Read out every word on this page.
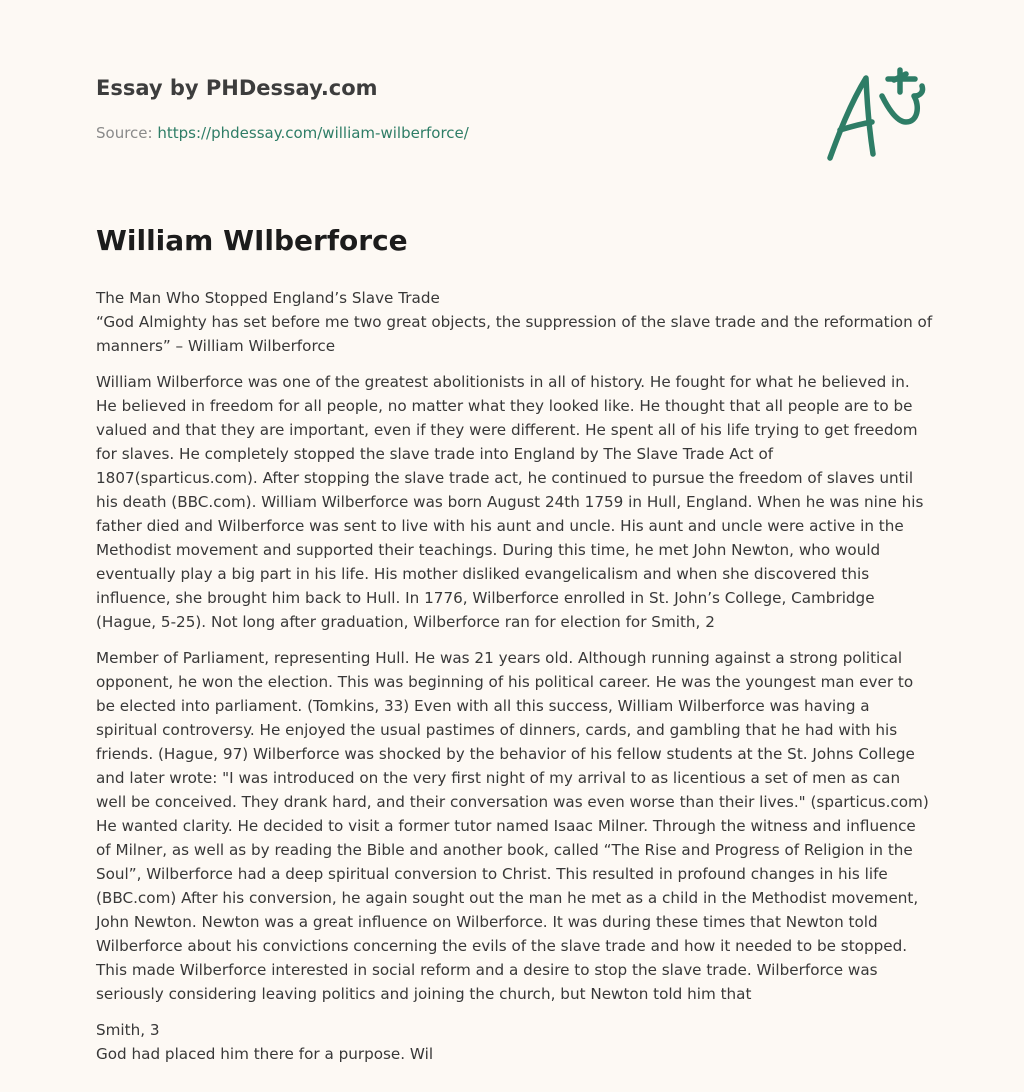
Essay by PHDessay.com
Source: https://phdessay.com/william-wilberforce/
William WIlberforce

The Man Who Stopped England’s Slave Trade
“God Almighty has set before me two great objects, the suppression of the slave trade and the reformation of manners” – William Wilberforce

William Wilberforce was one of the greatest abolitionists in all of history. He fought for what he believed in. He believed in freedom for all people, no matter what they looked like. He thought that all people are to be valued and that they are important, even if they were different. He spent all of his life trying to get freedom for slaves. He completely stopped the slave trade into England by The Slave Trade Act of 1807(sparticus.com). After stopping the slave trade act, he continued to pursue the freedom of slaves until his death (BBC.com). William Wilberforce was born August 24th 1759 in Hull, England. When he was nine his father died and Wilberforce was sent to live with his aunt and uncle. His aunt and uncle were active in the Methodist movement and supported their teachings. During this time, he met John Newton, who would eventually play a big part in his life. His mother disliked evangelicalism and when she discovered this influence, she brought him back to Hull. In 1776, Wilberforce enrolled in St. John’s College, Cambridge (Hague, 5-25). Not long after graduation, Wilberforce ran for election for Smith, 2

Member of Parliament, representing Hull. He was 21 years old. Although running against a strong political opponent, he won the election. This was beginning of his political career. He was the youngest man ever to be elected into parliament. (Tomkins, 33) Even with all this success, William Wilberforce was having a spiritual controversy. He enjoyed the usual pastimes of dinners, cards, and gambling that he had with his friends. (Hague, 97) Wilberforce was shocked by the behavior of his fellow students at the St. Johns College and later wrote: "I was introduced on the very first night of my arrival to as licentious a set of men as can well be conceived. They drank hard, and their conversation was even worse than their lives." (sparticus.com) He wanted clarity. He decided to visit a former tutor named Isaac Milner. Through the witness and influence of Milner, as well as by reading the Bible and another book, called “The Rise and Progress of Religion in the Soul”, Wilberforce had a deep spiritual conversion to Christ. This resulted in profound changes in his life (BBC.com) After his conversion, he again sought out the man he met as a child in the Methodist movement, John Newton. Newton was a great influence on Wilberforce. It was during these times that Newton told Wilberforce about his convictions concerning the evils of the slave trade and how it needed to be stopped. This made Wilberforce interested in social reform and a desire to stop the slave trade. Wilberforce was seriously considering leaving politics and joining the church, but Newton told him that

Smith, 3
God had placed him there for a purpose. Wil
